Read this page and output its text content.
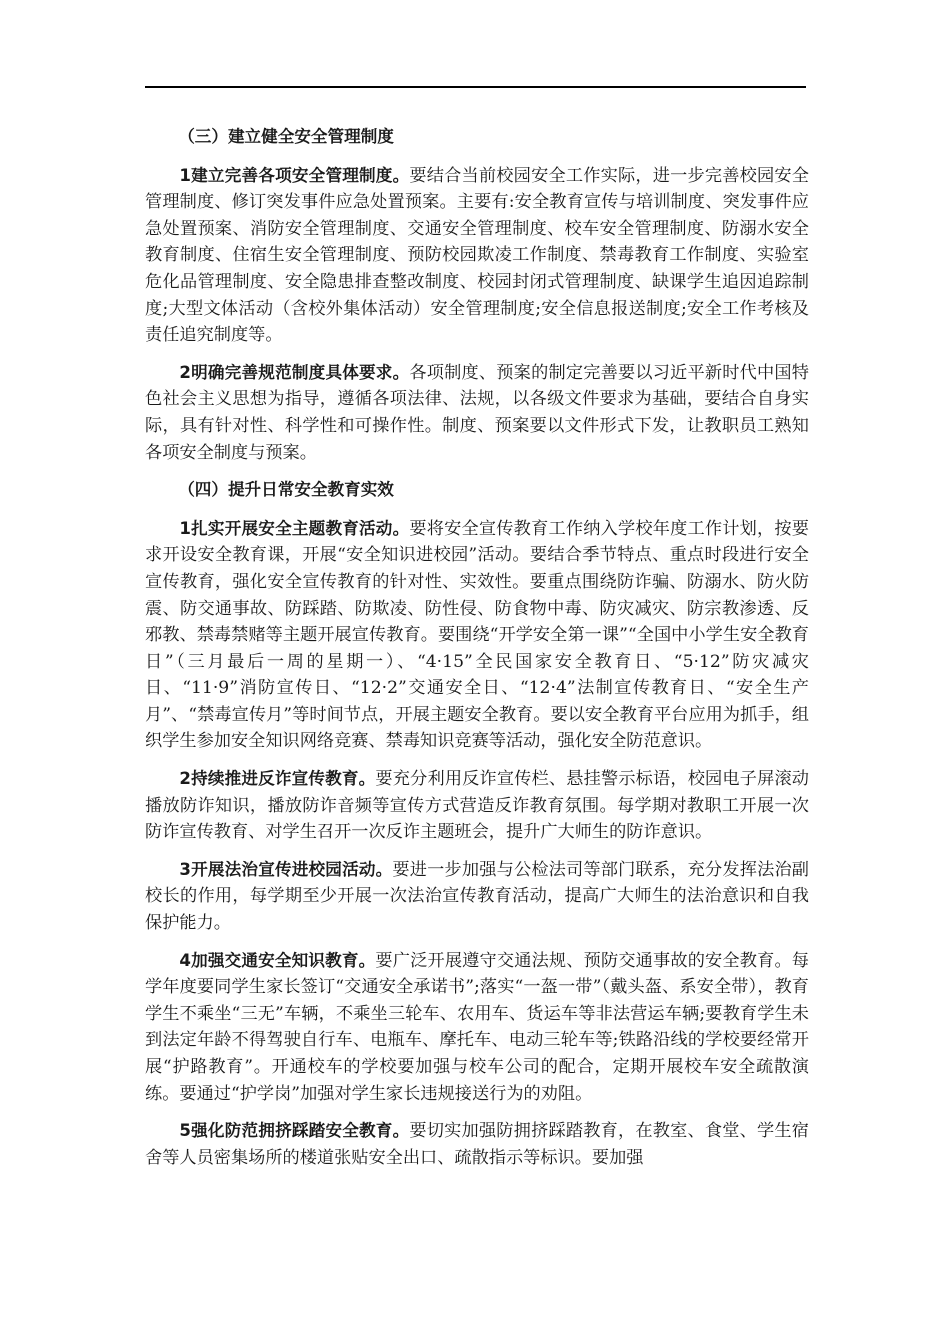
（三）建立健全安全管理制度

1建立完善各项安全管理制度。要结合当前校园安全工作实际，进一步完善校园安全管理制度、修订突发事件应急处置预案。主要有:安全教育宣传与培训制度、突发事件应急处置预案、消防安全管理制度、交通安全管理制度、校车安全管理制度、防溺水安全教育制度、住宿生安全管理制度、预防校园欺凌工作制度、禁毒教育工作制度、实验室危化品管理制度、安全隐患排查整改制度、校园封闭式管理制度、缺课学生追因追踪制度;大型文体活动（含校外集体活动）安全管理制度;安全信息报送制度;安全工作考核及责任追究制度等。

2明确完善规范制度具体要求。各项制度、预案的制定完善要以习近平新时代中国特色社会主义思想为指导，遵循各项法律、法规，以各级文件要求为基础，要结合自身实际，具有针对性、科学性和可操作性。制度、预案要以文件形式下发，让教职员工熟知各项安全制度与预案。

（四）提升日常安全教育实效

1扎实开展安全主题教育活动。要将安全宣传教育工作纳入学校年度工作计划，按要求开设安全教育课，开展“安全知识进校园”活动。要结合季节特点、重点时段进行安全宣传教育，强化安全宣传教育的针对性、实效性。要重点围绕防诈骗、防溺水、防火防震、防交通事故、防踩踏、防欺凌、防性侵、防食物中毒、防灾减灾、防宗教渗透、反邪教、禁毒禁赌等主题开展宣传教育。要围绕“开学安全第一课”“全国中小学生安全教育日”（三月最后一周的星期一）、“4·15”全民国家安全教育日、“5·12”防灾减灾日、“11·9”消防宣传日、“12·2”交通安全日、“12·4”法制宣传教育日、“安全生产月”、“禁毒宣传月”等时间节点，开展主题安全教育。要以安全教育平台应用为抓手，组织学生参加安全知识网络竞赛、禁毒知识竞赛等活动，强化安全防范意识。

2持续推进反诈宣传教育。要充分利用反诈宣传栏、悬挂警示标语，校园电子屏滚动播放防诈知识，播放防诈音频等宣传方式营造反诈教育氛围。每学期对教职工开展一次防诈宣传教育、对学生召开一次反诈主题班会，提升广大师生的防诈意识。

3开展法治宣传进校园活动。要进一步加强与公检法司等部门联系，充分发挥法治副校长的作用，每学期至少开展一次法治宣传教育活动，提高广大师生的法治意识和自我保护能力。

4加强交通安全知识教育。要广泛开展遵守交通法规、预防交通事故的安全教育。每学年度要同学生家长签订“交通安全承诺书”;落实“一盔一带”（戴头盔、系安全带），教育学生不乘坐“三无”车辆，不乘坐三轮车、农用车、货运车等非法营运车辆;要教育学生未到法定年龄不得驾驶自行车、电瓶车、摩托车、电动三轮车等;铁路沿线的学校要经常开展“护路教育”。开通校车的学校要加强与校车公司的配合，定期开展校车安全疏散演练。要通过“护学岗”加强对学生家长违规接送行为的劝阻。

5强化防范拥挤踩踏安全教育。要切实加强防拥挤踩踏教育，在教室、食堂、学生宿舍等人员密集场所的楼道张贴安全出口、疏散指示等标识。要加强
